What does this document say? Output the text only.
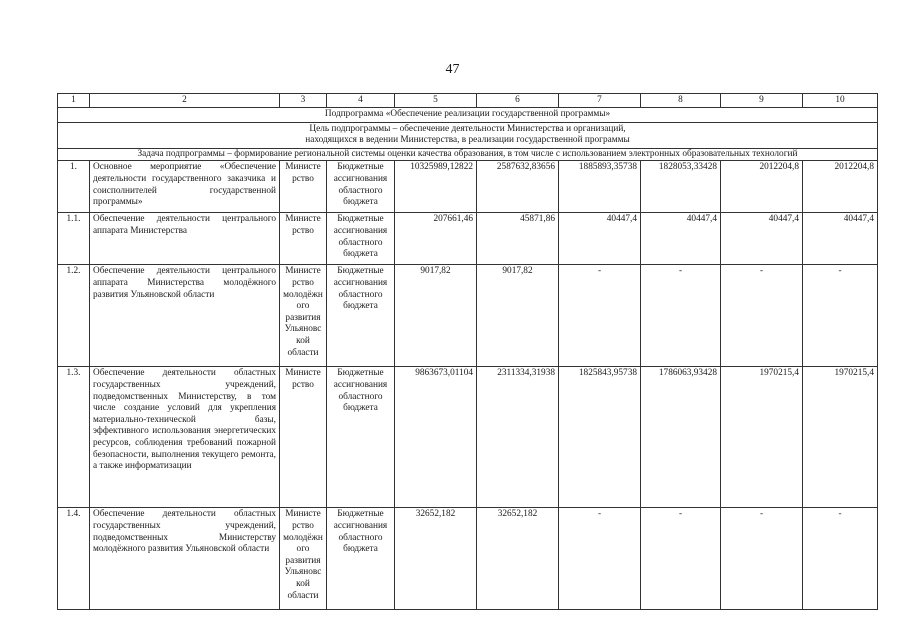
47
1	2	3	4	5	6	7	8	9	10
Подпрограмма «Обеспечение реализации государственной программы»									

Цель подпрограммы – обеспечение деятельности Министерства и организаций,
находящихся в ведении Министерства, в реализации государственной программы									

Задача подпрограммы – формирование региональной системы оценки качества образования, в том числе с использованием электронных образовательных технологий									
1.	Основное мероприятие «Обеспечение деятельности государственного заказчика и соисполнителей государственной программы»	Министерство	Бюджетные ассигнования областного бюджета	10325989,12822	2587632,83656	1885893,35738	1828053,33428	2012204,8	2012204,8
1.1.	Обеспечение деятельности центрального аппарата Министерства	Министерство	Бюджетные ассигнования областного бюджета	207661,46	45871,86	40447,4	40447,4	40447,4	40447,4
1.2.	Обеспечение деятельности центрального аппарата Министерства молодёжного развития Ульяновской области	Министерство молодёжного развития Ульяновской области	Бюджетные ассигнования областного бюджета	9017,82	9017,82	-	-	-	-
1.3.	Обеспечение деятельности областных государственных учреждений, подведомственных Министерству, в том числе создание условий для укрепления материально-технической базы, эффективного использования энергетических ресурсов, соблюдения требований пожарной безопасности, выполнения текущего ремонта, а также информатизации	Министерство	Бюджетные ассигнования областного бюджета	9863673,01104	2311334,31938	1825843,95738	1786063,93428	1970215,4	1970215,4
1.4.	Обеспечение деятельности областных государственных учреждений, подведомственных Министерству молодёжного развития Ульяновской области	Министерство молодёжного развития Ульяновской области	Бюджетные ассигнования областного бюджета	32652,182	32652,182	-	-	-	-
